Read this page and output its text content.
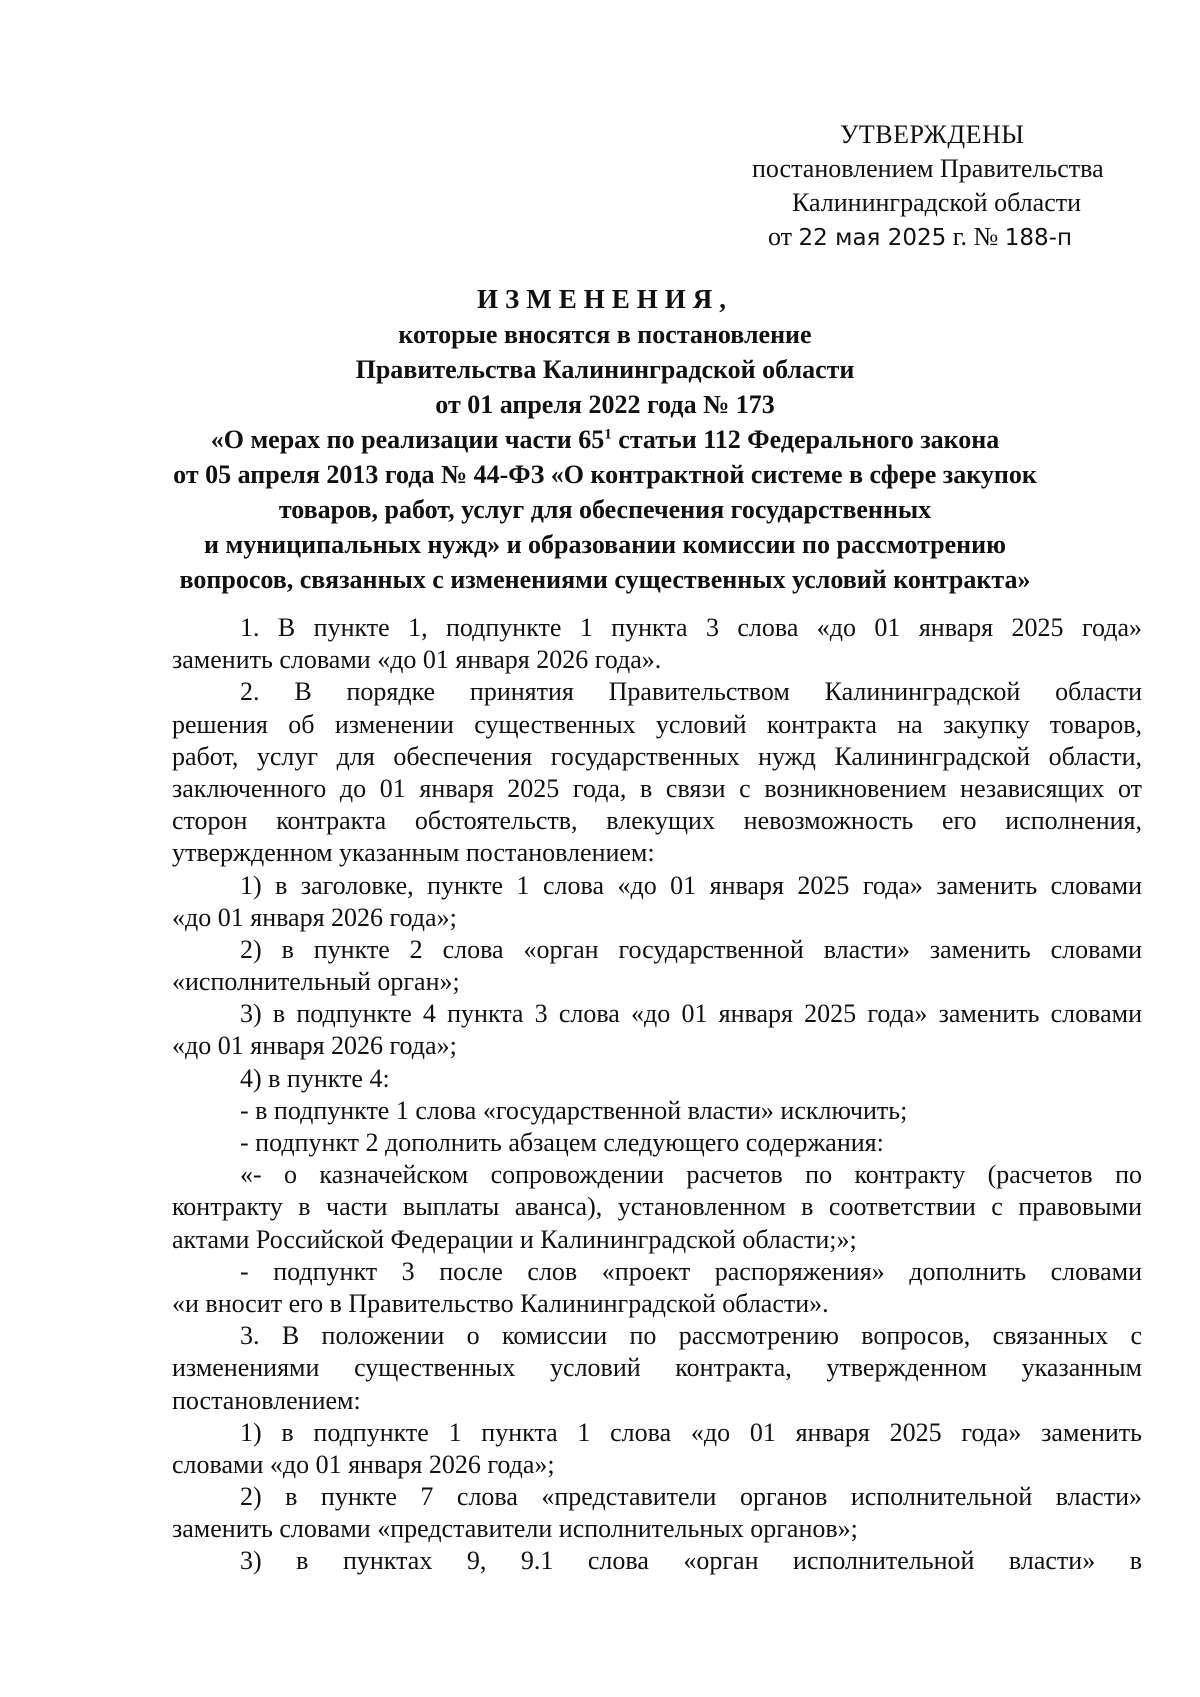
УТВЕРЖДЕНЫ
постановлением Правительства
Калининградской области
от 22 мая 2025 г. № 188-п
ИЗМЕНЕНИЯ,
которые вносятся в постановление
Правительства Калининградской области
от 01 апреля 2022 года № 173
«О мерах по реализации части $65^1$ статьи 112 Федерального закона
от 05 апреля 2013 года № 44-ФЗ «О контрактной системе в сфере закупок
товаров, работ, услуг для обеспечения государственных
и муниципальных нужд» и образовании комиссии по рассмотрению
вопросов, связанных с изменениями существенных условий контракта»
1. В пункте 1, подпункте 1 пункта 3 слова «до 01 января 2025 года»
заменить словами «до 01 января 2026 года».
2. В порядке принятия Правительством Калининградской области
решения об изменении существенных условий контракта на закупку товаров,
работ, услуг для обеспечения государственных нужд Калининградской области,
заключенного до 01 января 2025 года, в связи с возникновением независящих от
сторон контракта обстоятельств, влекущих невозможность его исполнения,
утвержденном указанным постановлением:
1) в заголовке, пункте 1 слова «до 01 января 2025 года» заменить словами
«до 01 января 2026 года»;
2) в пункте 2 слова «орган государственной власти» заменить словами
«исполнительный орган»;
3) в подпункте 4 пункта 3 слова «до 01 января 2025 года» заменить словами
«до 01 января 2026 года»;
4) в пункте 4:
- в подпункте 1 слова «государственной власти» исключить;
- подпункт 2 дополнить абзацем следующего содержания:
«- о казначейском сопровождении расчетов по контракту (расчетов по
контракту в части выплаты аванса), установленном в соответствии с правовыми
актами Российской Федерации и Калининградской области;»;
- подпункт 3 после слов «проект распоряжения» дополнить словами
«и вносит его в Правительство Калининградской области».
3. В положении о комиссии по рассмотрению вопросов, связанных с
изменениями существенных условий контракта, утвержденном указанным
постановлением:
1) в подпункте 1 пункта 1 слова «до 01 января 2025 года» заменить
словами «до 01 января 2026 года»;
2) в пункте 7 слова «представители органов исполнительной власти»
заменить словами «представители исполнительных органов»;
3) в пунктах 9, 9.1 слова «орган исполнительной власти» в
